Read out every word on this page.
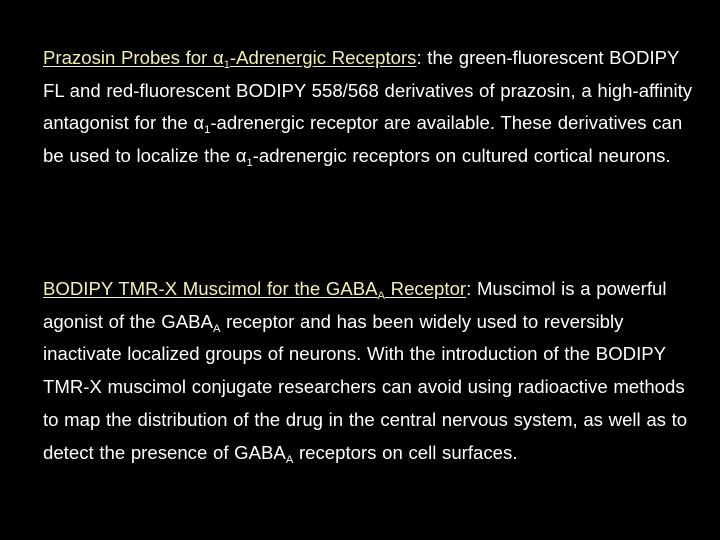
Prazosin Probes for $\alpha_1$-Adrenergic Receptors: the green-fluorescent BODIPY FL and red-fluorescent BODIPY 558/568 derivatives of prazosin, a high-affinity antagonist for the $\alpha_1$-adrenergic receptor are available. These derivatives can be used to localize the $\alpha_1$-adrenergic receptors on cultured cortical neurons.

BODIPY TMR-X Muscimol for the $GABA_A$ Receptor: Muscimol is a powerful agonist of the $GABA_A$ receptor and has been widely used to reversibly inactivate localized groups of neurons. With the introduction of the BODIPY TMR-X muscimol conjugate researchers can avoid using radioactive methods to map the distribution of the drug in the central nervous system, as well as to detect the presence of $GABA_A$ receptors on cell surfaces.
